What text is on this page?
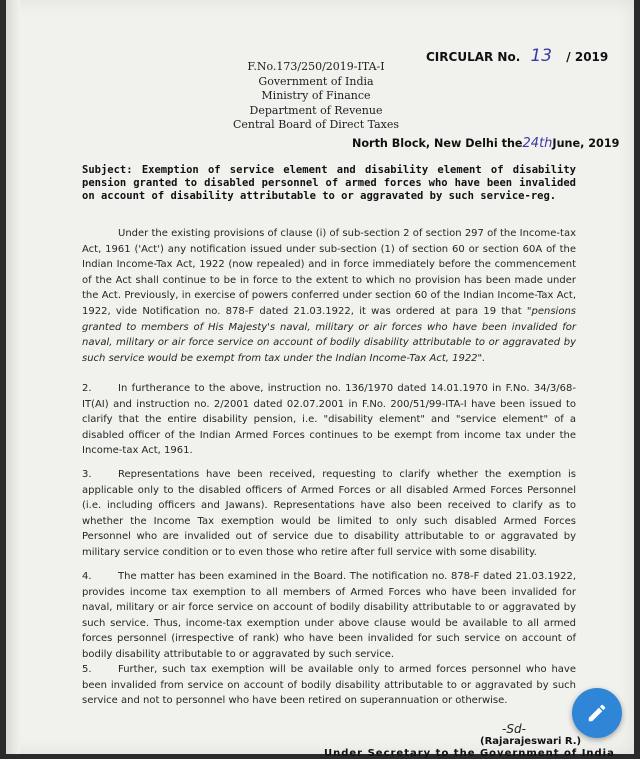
CIRCULAR No. 13 / 2019
F.No.173/250/2019-ITA-I
Government of India
Ministry of Finance
Department of Revenue
Central Board of Direct Taxes
North Block, New Delhi the24thJune, 2019
Subject: Exemption of service element and disability element of disability pension granted to disabled personnel of armed forces who have been invalided on account of disability attributable to or aggravated by such service-reg.
Under the existing provisions of clause (i) of sub-section 2 of section 297 of the Income-tax Act, 1961 ('Act') any notification issued under sub-section (1) of section 60 or section 60A of the Indian Income-Tax Act, 1922 (now repealed) and in force immediately before the commencement of the Act shall continue to be in force to the extent to which no provision has been made under the Act. Previously, in exercise of powers conferred under section 60 of the Indian Income-Tax Act, 1922, vide Notification no. 878-F dated 21.03.1922, it was ordered at para 19 that "pensions granted to members of His Majesty's naval, military or air forces who have been invalided for naval, military or air force service on account of bodily disability attributable to or aggravated by such service would be exempt from tax under the Indian Income-Tax Act, 1922".
2.	In furtherance to the above, instruction no. 136/1970 dated 14.01.1970 in F.No. 34/3/68-IT(AI) and instruction no. 2/2001 dated 02.07.2001 in F.No. 200/51/99-ITA-I have been issued to clarify that the entire disability pension, i.e. "disability element" and "service element" of a disabled officer of the Indian Armed Forces continues to be exempt from income tax under the Income-tax Act, 1961.
3.	Representations have been received, requesting to clarify whether the exemption is applicable only to the disabled officers of Armed Forces or all disabled Armed Forces Personnel (i.e. including officers and Jawans). Representations have also been received to clarify as to whether the Income Tax exemption would be limited to only such disabled Armed Forces Personnel who are invalided out of service due to disability attributable to or aggravated by military service condition or to even those who retire after full service with some disability.
4.	The matter has been examined in the Board. The notification no. 878-F dated 21.03.1922, provides income tax exemption to all members of Armed Forces who have been invalided for naval, military or air force service on account of bodily disability attributable to or aggravated by such service. Thus, income-tax exemption under above clause would be available to all armed forces personnel (irrespective of rank) who have been invalided for such service on account of bodily disability attributable to or aggravated by such service.
5.	Further, such tax exemption will be available only to armed forces personnel who have been invalided from service on account of bodily disability attributable to or aggravated by such service and not to personnel who have been retired on superannuation or otherwise.
-Sd-
(Rajarajeswari R.)
Under Secretary to the Government of India
